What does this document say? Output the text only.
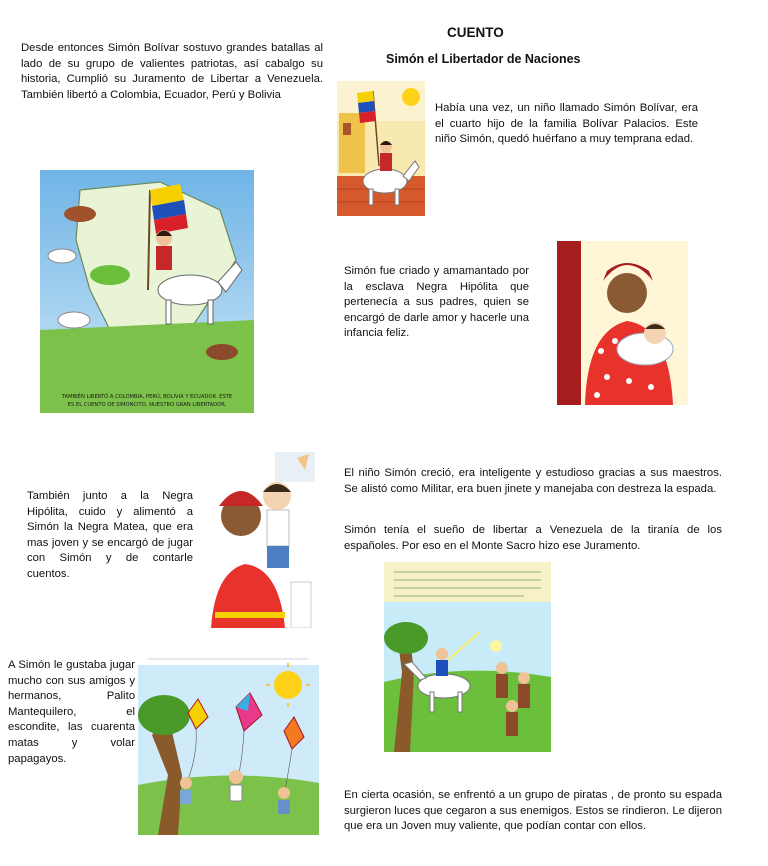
CUENTO

Simón el Libertador de Naciones

Desde entonces Simón Bolívar sostuvo grandes batallas al lado de su grupo de valientes patriotas, así cabalgo su historia, Cumplió su Juramento de Libertar a Venezuela. También libertó a Colombia, Ecuador, Perú y Bolivia

Había una vez, un niño llamado Simón Bolívar, era el cuarto hijo de la familia Bolívar Palacios. Este niño Simón, quedó huérfano a muy temprana edad.

Simón fue criado y amamantado por la esclava Negra Hipólita que pertenecía a sus padres, quien se encargó de darle amor y hacerle una infancia feliz.

El niño Simón creció, era inteligente y estudioso gracias a sus maestros. Se alistó como Militar, era buen jinete y manejaba con destreza la espada.

Simón tenía el sueño de libertar a Venezuela de la tiranía de los españoles. Por eso en el Monte Sacro hizo ese Juramento.

También junto a la Negra Hipólita, cuido y alimentó a Simón la Negra Matea, que era mas joven y se encargó de jugar con Simón y de contarle cuentos.

A Simón le gustaba jugar mucho con sus amigos y hermanos, Palito Mantequilero, el escondite, las cuarenta matas y volar papagayos.

En cierta ocasión, se enfrentó a un grupo de piratas , de pronto su espada surgieron luces que cegaron a sus enemigos. Estos se rindieron. Le dijeron que era un Joven muy valiente, que podían contar con ellos.

TAMBIÉN LIBERTÓ A COLOMBIA, PERÚ, BOLIVIA Y ECUADOR. ESTE
ES EL CUENTO DE SIMONCITO, NUESTRO GRAN LIBERTADOR.
